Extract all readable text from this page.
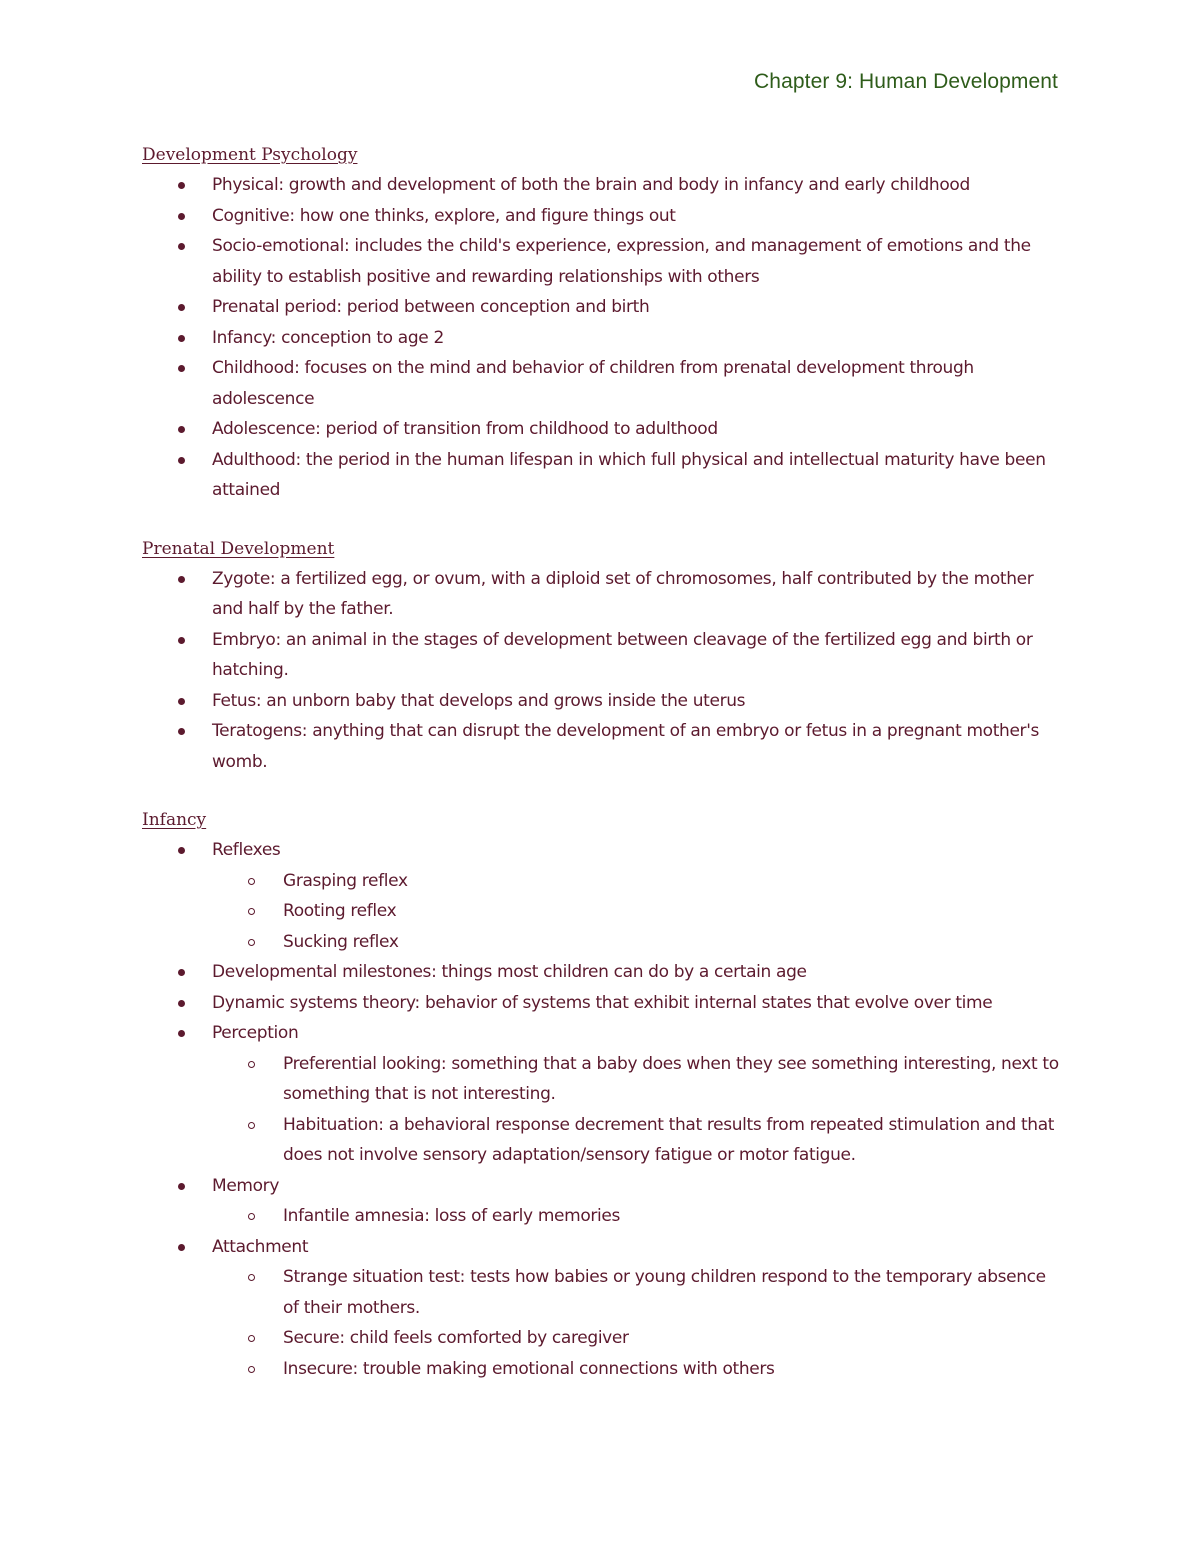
Chapter 9: Human Development
Development Psychology
Physical: growth and development of both the brain and body in infancy and early childhood
Cognitive: how one thinks, explore, and figure things out
Socio-emotional: includes the child's experience, expression, and management of emotions and the ability to establish positive and rewarding relationships with others
Prenatal period: period between conception and birth
Infancy: conception to age 2
Childhood: focuses on the mind and behavior of children from prenatal development through adolescence
Adolescence: period of transition from childhood to adulthood
Adulthood: the period in the human lifespan in which full physical and intellectual maturity have been attained
Prenatal Development
Zygote: a fertilized egg, or ovum, with a diploid set of chromosomes, half contributed by the mother and half by the father.
Embryo: an animal in the stages of development between cleavage of the fertilized egg and birth or hatching.
Fetus: an unborn baby that develops and grows inside the uterus
Teratogens: anything that can disrupt the development of an embryo or fetus in a pregnant mother's womb.
Infancy
Reflexes
Grasping reflex
Rooting reflex
Sucking reflex
Developmental milestones: things most children can do by a certain age
Dynamic systems theory: behavior of systems that exhibit internal states that evolve over time
Perception
Preferential looking: something that a baby does when they see something interesting, next to something that is not interesting.
Habituation: a behavioral response decrement that results from repeated stimulation and that does not involve sensory adaptation/sensory fatigue or motor fatigue.
Memory
Infantile amnesia: loss of early memories
Attachment
Strange situation test: tests how babies or young children respond to the temporary absence of their mothers.
Secure: child feels comforted by caregiver
Insecure: trouble making emotional connections with others
